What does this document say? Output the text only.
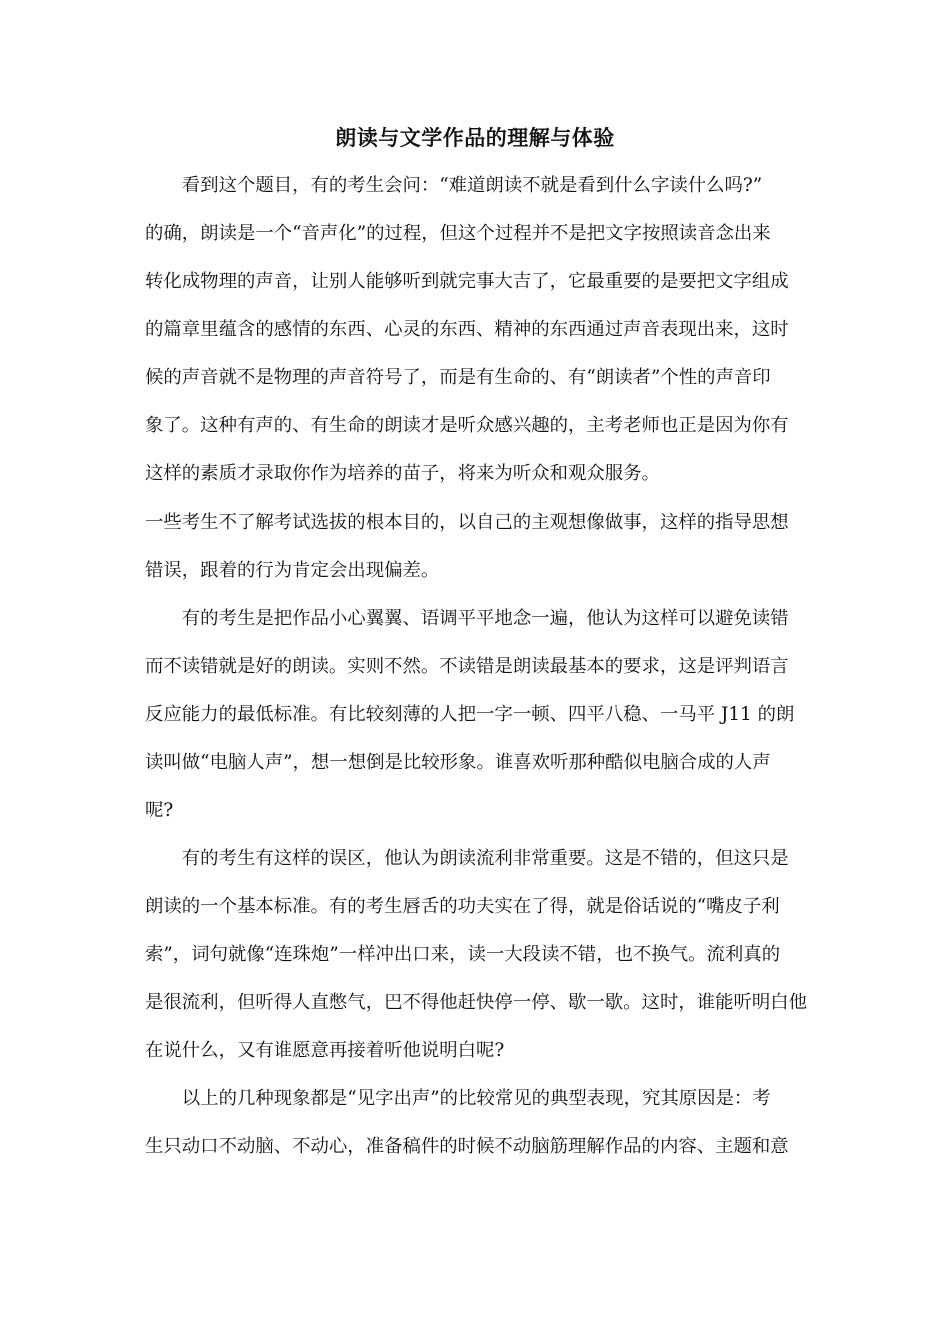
朗读与文学作品的理解与体验
　　看到这个题目，有的考生会问：“难道朗读不就是看到什么字读什么吗?”
的确，朗读是一个“音声化”的过程，但这个过程并不是把文字按照读音念出来
转化成物理的声音，让别人能够听到就完事大吉了，它最重要的是要把文字组成
的篇章里蕴含的感情的东西、心灵的东西、精神的东西通过声音表现出来，这时
候的声音就不是物理的声音符号了，而是有生命的、有“朗读者”个性的声音印
象了。这种有声的、有生命的朗读才是听众感兴趣的，主考老师也正是因为你有
这样的素质才录取你作为培养的苗子，将来为听众和观众服务。
一些考生不了解考试选拔的根本目的，以自己的主观想像做事，这样的指导思想
错误，跟着的行为肯定会出现偏差。
　　有的考生是把作品小心翼翼、语调平平地念一遍，他认为这样可以避免读错
而不读错就是好的朗读。实则不然。不读错是朗读最基本的要求，这是评判语言
反应能力的最低标准。有比较刻薄的人把一字一顿、四平八稳、一马平 J11 的朗
读叫做“电脑人声”，想一想倒是比较形象。谁喜欢听那种酷似电脑合成的人声
呢?
　　有的考生有这样的误区，他认为朗读流利非常重要。这是不错的，但这只是
朗读的一个基本标准。有的考生唇舌的功夫实在了得，就是俗话说的“嘴皮子利
索”，词句就像“连珠炮”一样冲出口来，读一大段读不错，也不换气。流利真的
是很流利，但听得人直憋气，巴不得他赶快停一停、歇一歇。这时，谁能听明白他
在说什么，又有谁愿意再接着听他说明白呢?
　　以上的几种现象都是“见字出声”的比较常见的典型表现，究其原因是：考
生只动口不动脑、不动心，准备稿件的时候不动脑筋理解作品的内容、主题和意
